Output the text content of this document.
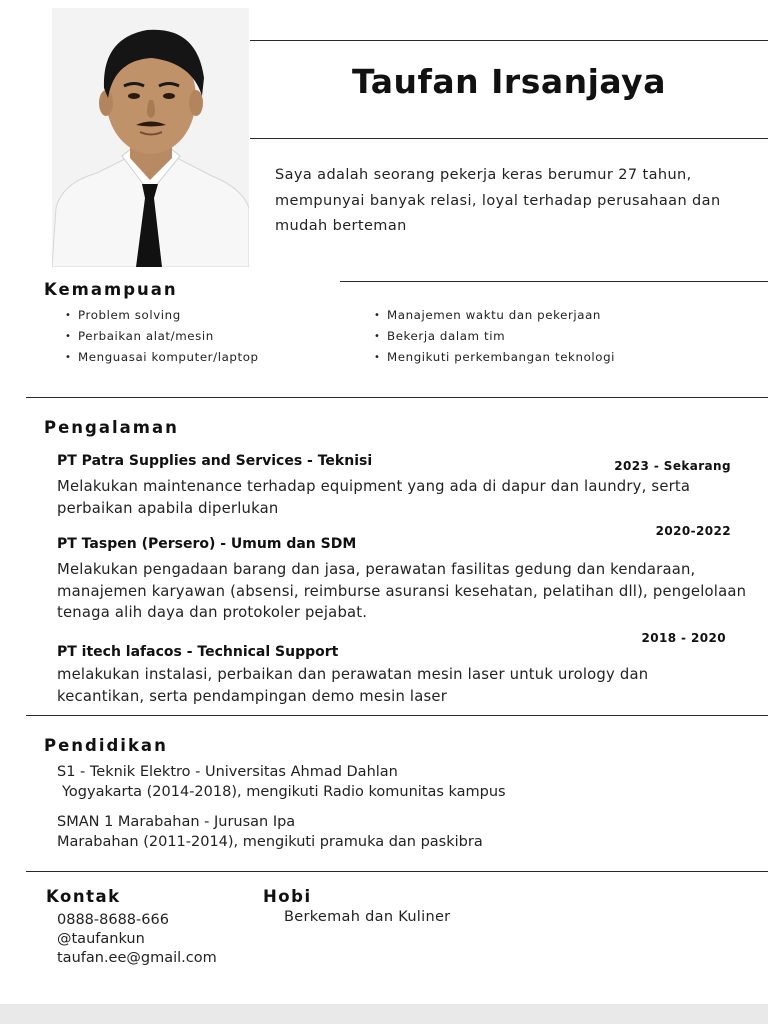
Taufan Irsanjaya
Saya adalah seorang pekerja keras berumur 27 tahun, mempunyai banyak relasi, loyal terhadap perusahaan dan mudah berteman
Kemampuan
• Problem solving
• Perbaikan alat/mesin
• Menguasai komputer/laptop
• Manajemen waktu dan pekerjaan
• Bekerja dalam tim
• Mengikuti perkembangan teknologi
Pengalaman
PT Patra Supplies and Services - Teknisi	2023 - Sekarang
Melakukan maintenance terhadap equipment yang ada di dapur dan laundry, serta perbaikan apabila diperlukan
2020-2022
PT Taspen (Persero) - Umum dan SDM
Melakukan pengadaan barang dan jasa, perawatan fasilitas gedung dan kendaraan, manajemen karyawan (absensi, reimburse asuransi kesehatan, pelatihan dll), pengelolaan tenaga alih daya dan protokoler pejabat.
2018 - 2020
PT itech lafacos - Technical Support
melakukan instalasi, perbaikan dan perawatan mesin laser untuk urology dan kecantikan, serta pendampingan demo mesin laser
Pendidikan
S1 - Teknik Elektro - Universitas Ahmad Dahlan
Yogyakarta (2014-2018), mengikuti Radio komunitas kampus
SMAN 1 Marabahan - Jurusan Ipa
Marabahan (2011-2014), mengikuti pramuka dan paskibra
Kontak
0888-8688-666
@taufankun
taufan.ee@gmail.com
Hobi
Berkemah dan Kuliner
